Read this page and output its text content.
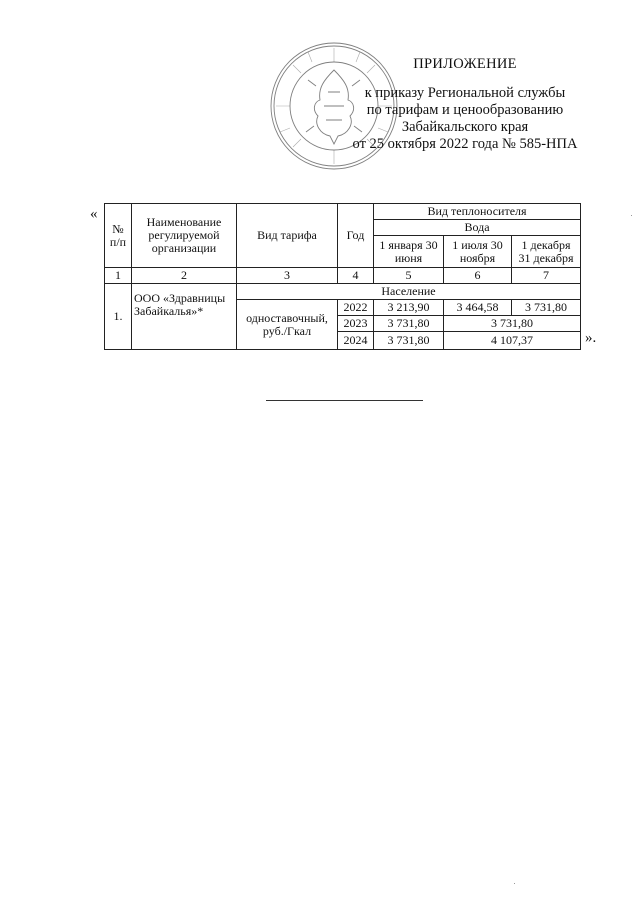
ПРИЛОЖЕНИЕ
к приказу Региональной службы
по тарифам и ценообразованию
Забайкальского края
от 25 октября 2022 года № 585-НПА
«
№ п/п	Наименование регулируемой организации	Вид тарифа	Год	Вид теплоносителя		
				Вода		
				1 января 30 июня	1 июля 30 ноября	1 декабря 31 декабря
1	2	3	4	5	6	7
1.	ООО «Здравницы Забайкалья»*	Население				
		одноставочный, руб./Гкал	2022	3 213,90	3 464,58	3 731,80
			2023	3 731,80	3 731,80	
			2024	3 731,80	4 107,37		».
